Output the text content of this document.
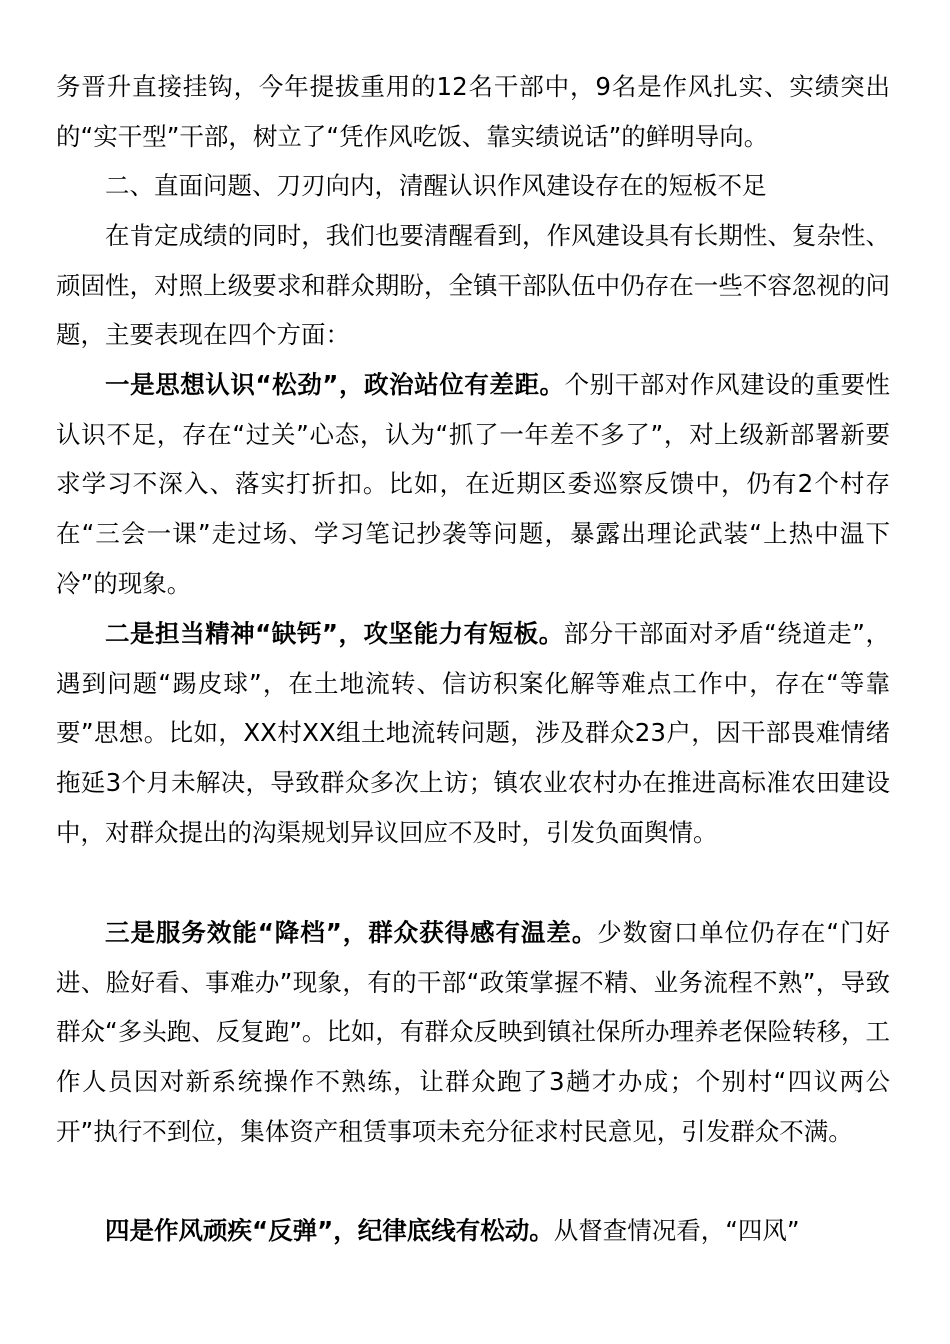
务晋升直接挂钩，今年提拔重用的12名干部中，9名是作风扎实、实绩突出的“实干型”干部，树立了“凭作风吃饭、靠实绩说话”的鲜明导向。

二、直面问题、刀刃向内，清醒认识作风建设存在的短板不足

在肯定成绩的同时，我们也要清醒看到，作风建设具有长期性、复杂性、顽固性，对照上级要求和群众期盼，全镇干部队伍中仍存在一些不容忽视的问题，主要表现在四个方面：

一是思想认识“松劲”，政治站位有差距。个别干部对作风建设的重要性认识不足，存在“过关”心态，认为“抓了一年差不多了”，对上级新部署新要求学习不深入、落实打折扣。比如，在近期区委巡察反馈中，仍有2个村存在“三会一课”走过场、学习笔记抄袭等问题，暴露出理论武装“上热中温下冷”的现象。

二是担当精神“缺钙”，攻坚能力有短板。部分干部面对矛盾“绕道走”，遇到问题“踢皮球”，在土地流转、信访积案化解等难点工作中，存在“等靠要”思想。比如，XX村XX组土地流转问题，涉及群众23户，因干部畏难情绪拖延3个月未解决，导致群众多次上访；镇农业农村办在推进高标准农田建设中，对群众提出的沟渠规划异议回应不及时，引发负面舆情。

三是服务效能“降档”，群众获得感有温差。少数窗口单位仍存在“门好进、脸好看、事难办”现象，有的干部“政策掌握不精、业务流程不熟”，导致群众“多头跑、反复跑”。比如，有群众反映到镇社保所办理养老保险转移，工作人员因对新系统操作不熟练，让群众跑了3趟才办成；个别村“四议两公开”执行不到位，集体资产租赁事项未充分征求村民意见，引发群众不满。

四是作风顽疾“反弹”，纪律底线有松动。从督查情况看，“四风”
